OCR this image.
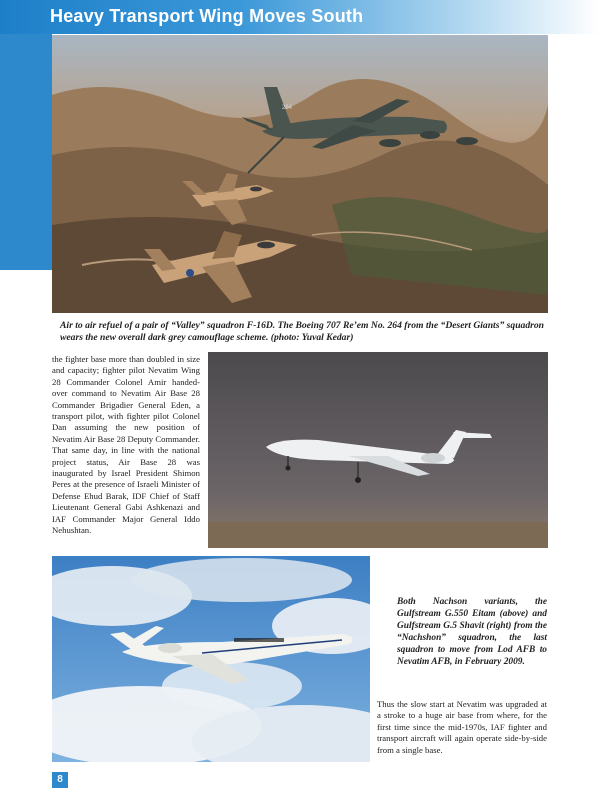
Heavy Transport Wing Moves South
264
Air to air refuel of a pair of “Valley” squadron F-16D. The Boeing 707 Re’em No. 264 from the “Desert Giants” squadron wears the new overall dark grey camouflage scheme. (photo: Yuval Kedar)
the fighter base more than doubled in size and capacity; fighter pilot Nevatim Wing 28 Commander Colonel Amir handed-over command to Nevatim Air Base 28 Commander Brigadier General Eden, a transport pilot, with fighter pilot Colonel Dan assuming the new position of Nevatim Air Base 28 Deputy Commander. That same day, in line with the national project status, Air Base 28 was inaugurated by Israel President Shimon Peres at the presence of Israeli Minister of Defense Ehud Barak, IDF Chief of Staff Lieutenant General Gabi Ashkenazi and IAF Commander Major General Iddo Nehushtan.
Both Nachson variants, the Gulfstream G.550 Eitam (above) and Gulfstream G.5 Shavit (right) from the “Nachshon” squadron, the last squadron to move from Lod AFB to Nevatim AFB, in February 2009.
Thus the slow start at Nevatim was upgraded at a stroke to a huge air base from where, for the first time since the mid-1970s, IAF fighter and transport aircraft will again operate side-by-side from a single base.
8
